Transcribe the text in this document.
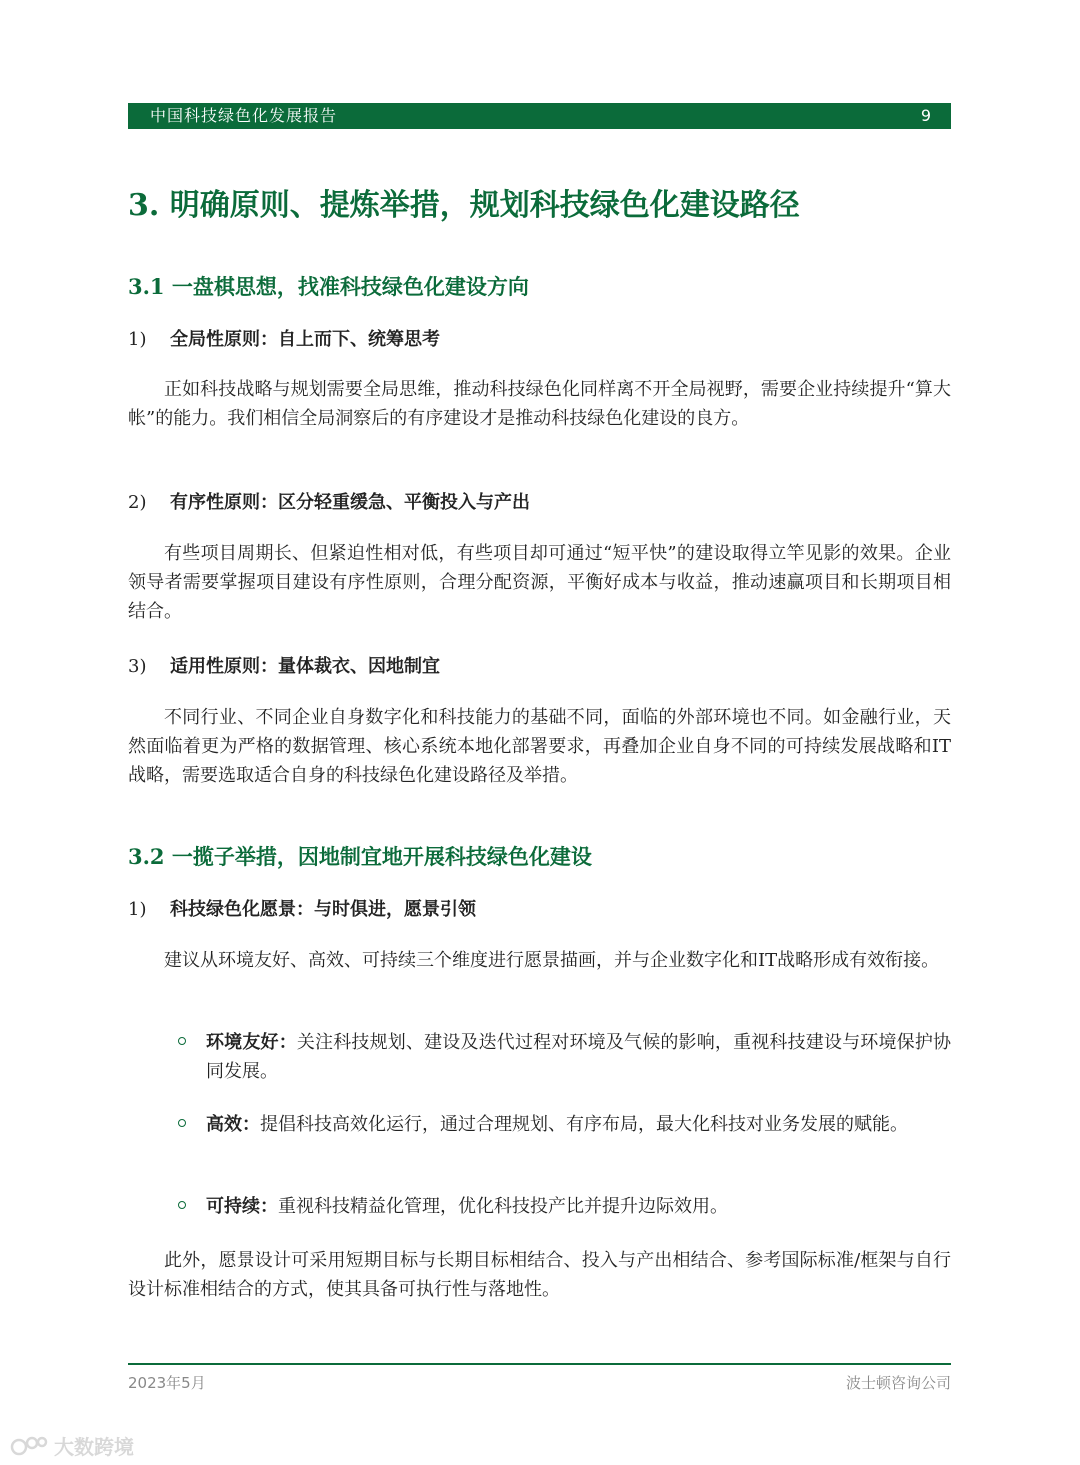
中国科技绿色化发展报告	9
3. 明确原则、提炼举措，规划科技绿色化建设路径
3.1 一盘棋思想，找准科技绿色化建设方向
1) 全局性原则：自上而下、统筹思考

正如科技战略与规划需要全局思维，推动科技绿色化同样离不开全局视野，需要企业持续提升“算大帐”的能力。我们相信全局洞察后的有序建设才是推动科技绿色化建设的良方。

2) 有序性原则：区分轻重缓急、平衡投入与产出

有些项目周期长、但紧迫性相对低，有些项目却可通过“短平快”的建设取得立竿见影的效果。企业领导者需要掌握项目建设有序性原则，合理分配资源，平衡好成本与收益，推动速赢项目和长期项目相结合。

3) 适用性原则：量体裁衣、因地制宜

不同行业、不同企业自身数字化和科技能力的基础不同，面临的外部环境也不同。如金融行业，天然面临着更为严格的数据管理、核心系统本地化部署要求，再叠加企业自身不同的可持续发展战略和IT战略，需要选取适合自身的科技绿色化建设路径及举措。

3.2 一揽子举措，因地制宜地开展科技绿色化建设
1) 科技绿色化愿景：与时俱进，愿景引领

建议从环境友好、高效、可持续三个维度进行愿景描画，并与企业数字化和IT战略形成有效衔接。

环境友好：关注科技规划、建设及迭代过程对环境及气候的影响，重视科技建设与环境保护协同发展。

高效：提倡科技高效化运行，通过合理规划、有序布局，最大化科技对业务发展的赋能。

可持续：重视科技精益化管理，优化科技投产比并提升边际效用。

此外，愿景设计可采用短期目标与长期目标相结合、投入与产出相结合、参考国际标准/框架与自行设计标准相结合的方式，使其具备可执行性与落地性。

2023年5月	波士顿咨询公司
大数跨境
